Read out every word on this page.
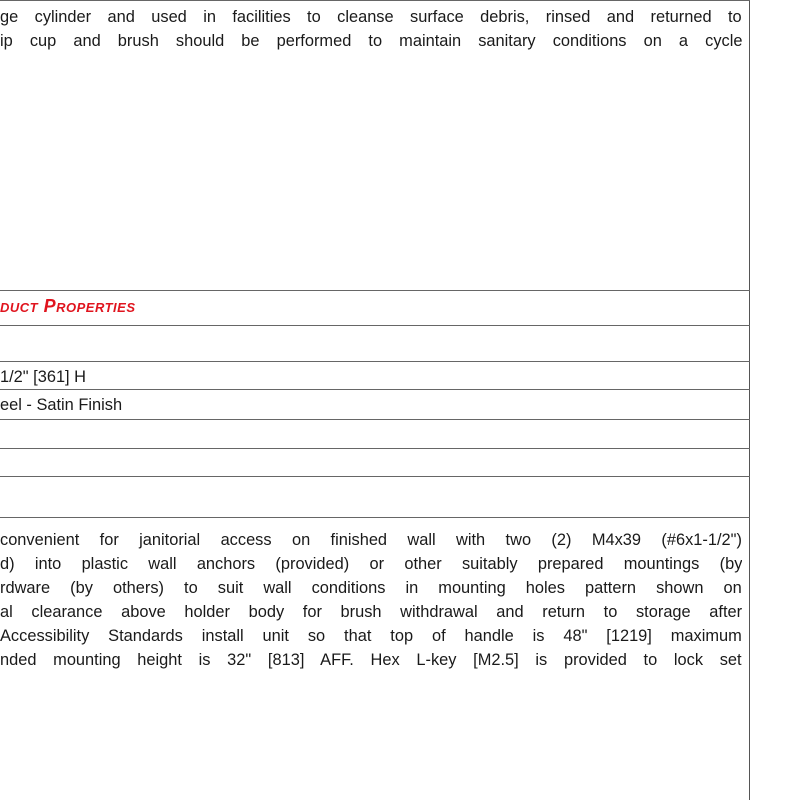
ge cylinder and used in facilities to cleanse surface debris, rinsed and returned to
ip cup and brush should be performed to maintain sanitary conditions on a cycle
duct Properties
1/2" [361] H
eel - Satin Finish
convenient for janitorial access on finished wall with two (2) M4x39 (#6x1-1/2")
d) into plastic wall anchors (provided) or other suitably prepared mountings (by
rdware (by others) to suit wall conditions in mounting holes pattern shown on
al clearance above holder body for brush withdrawal and return to storage after
Accessibility Standards install unit so that top of handle is 48" [1219] maximum
nded mounting height is 32" [813] AFF. Hex L-key [M2.5] is provided to lock set
